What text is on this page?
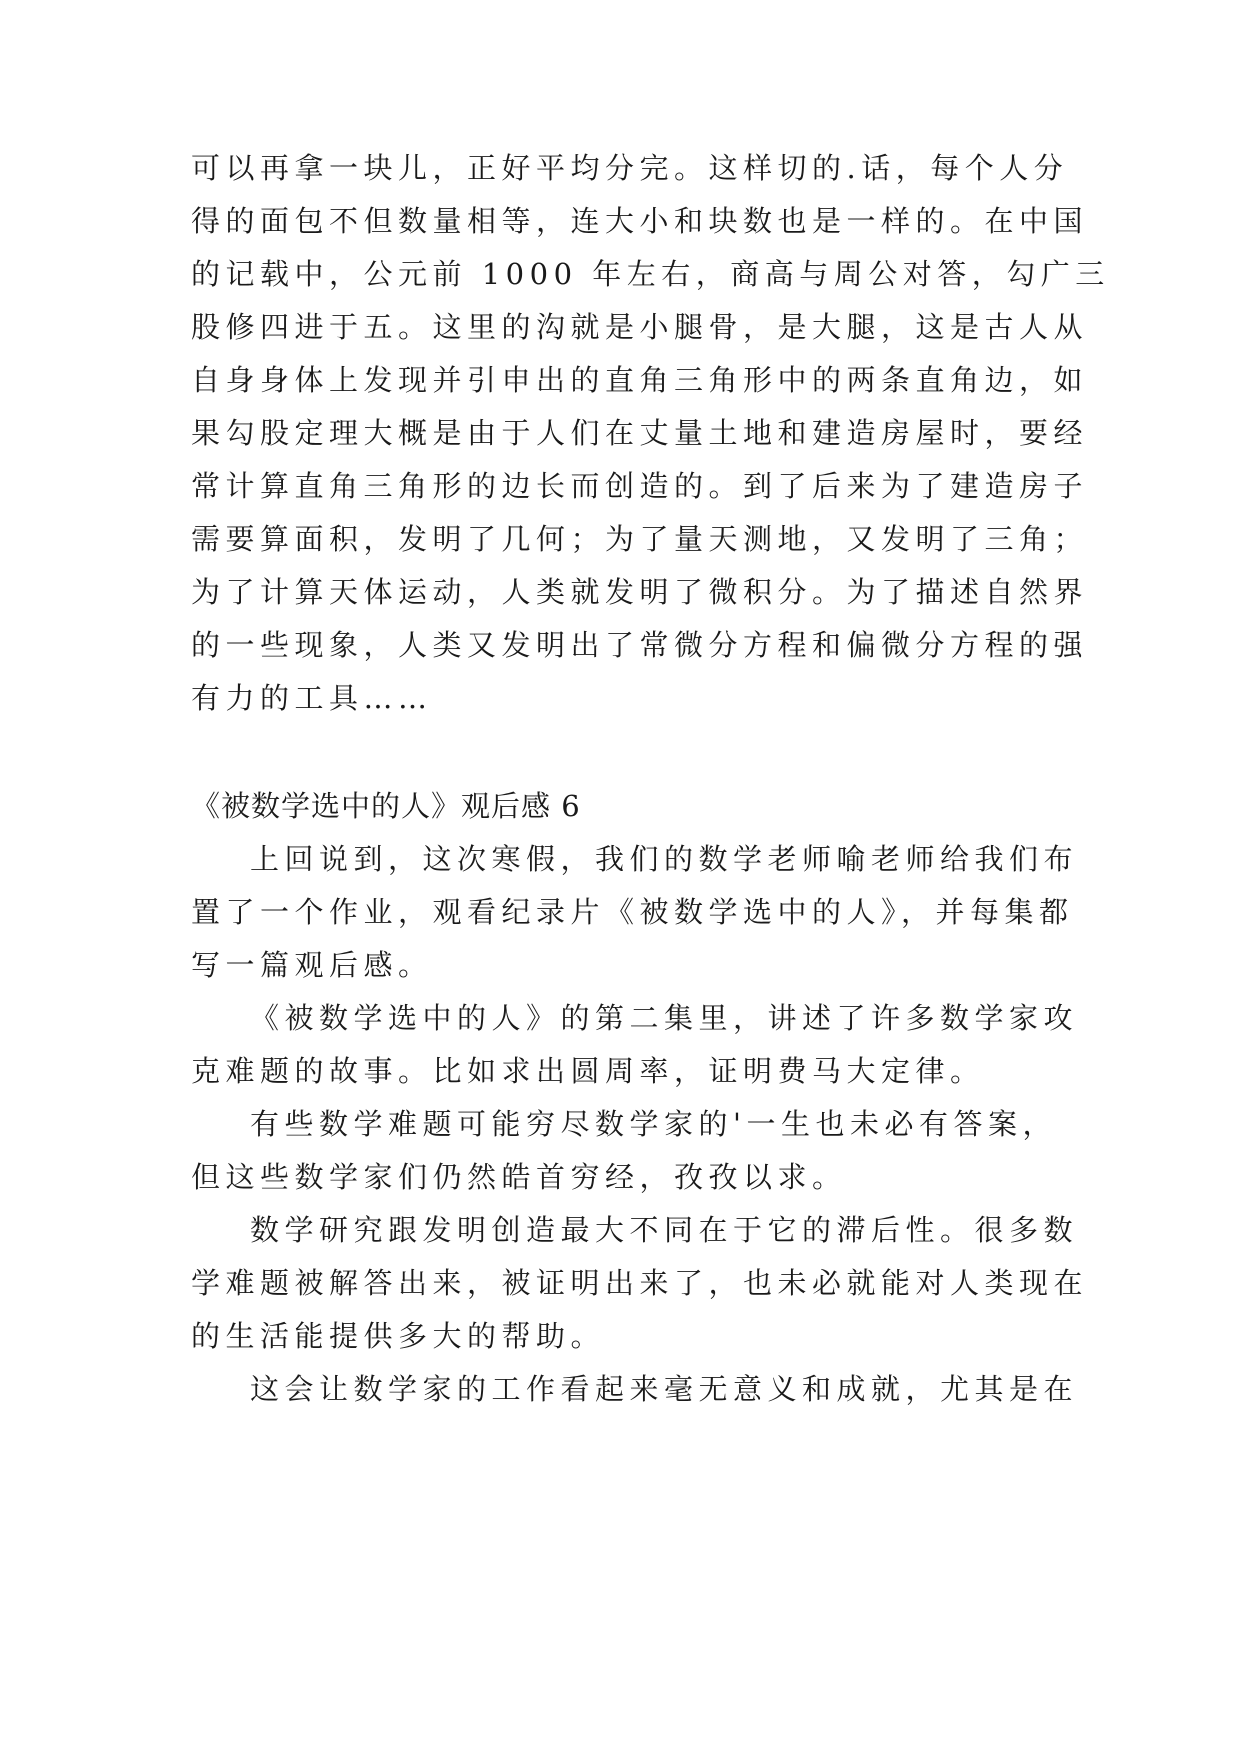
可以再拿一块儿，正好平均分完。这样切的.话，每个人分
得的面包不但数量相等，连大小和块数也是一样的。在中国
的记载中，公元前 1000 年左右，商高与周公对答，勾广三
股修四进于五。这里的沟就是小腿骨，是大腿，这是古人从
自身身体上发现并引申出的直角三角形中的两条直角边，如
果勾股定理大概是由于人们在丈量土地和建造房屋时，要经
常计算直角三角形的边长而创造的。到了后来为了建造房子
需要算面积，发明了几何；为了量天测地，又发明了三角；
为了计算天体运动，人类就发明了微积分。为了描述自然界
的一些现象，人类又发明出了常微分方程和偏微分方程的强
有力的工具……
《被数学选中的人》观后感 6
上回说到，这次寒假，我们的数学老师喻老师给我们布
置了一个作业，观看纪录片《被数学选中的人》，并每集都
写一篇观后感。
《被数学选中的人》的第二集里，讲述了许多数学家攻
克难题的故事。比如求出圆周率，证明费马大定律。
有些数学难题可能穷尽数学家的'一生也未必有答案，
但这些数学家们仍然皓首穷经，孜孜以求。
数学研究跟发明创造最大不同在于它的滞后性。很多数
学难题被解答出来，被证明出来了，也未必就能对人类现在
的生活能提供多大的帮助。
这会让数学家的工作看起来毫无意义和成就，尤其是在
